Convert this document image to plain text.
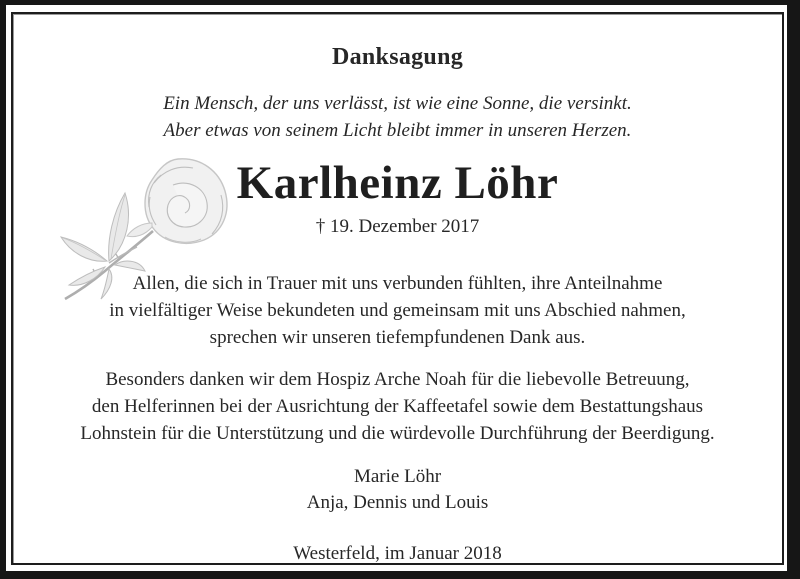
Danksagung
Ein Mensch, der uns verlässt, ist wie eine Sonne, die versinkt.
Aber etwas von seinem Licht bleibt immer in unseren Herzen.
Karlheinz Löhr
† 19. Dezember 2017
Allen, die sich in Trauer mit uns verbunden fühlten, ihre Anteilnahme
in vielfältiger Weise bekundeten und gemeinsam mit uns Abschied nahmen,
sprechen wir unseren tiefempfundenen Dank aus.
Besonders danken wir dem Hospiz Arche Noah für die liebevolle Betreuung,
den Helferinnen bei der Ausrichtung der Kaffeetafel sowie dem Bestattungshaus
Lohnstein für die Unterstützung und die würdevolle Durchführung der Beerdigung.
Marie Löhr
Anja, Dennis und Louis
Westerfeld, im Januar 2018
